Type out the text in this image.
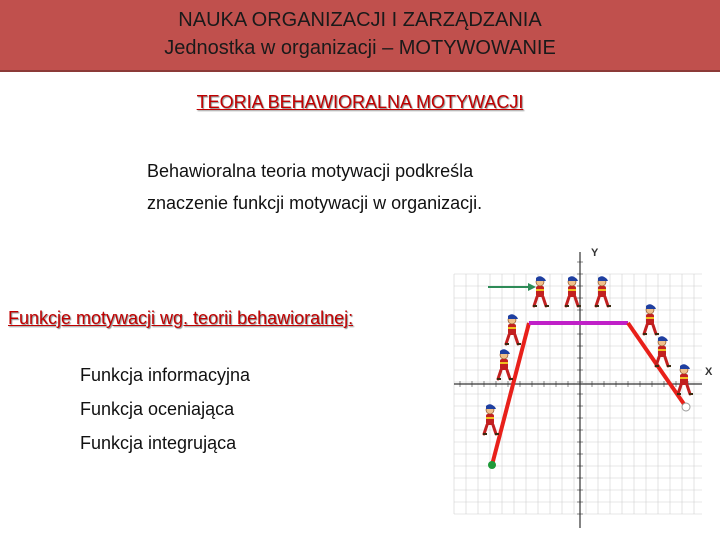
NAUKA ORGANIZACJI I ZARZĄDZANIA
Jednostka w organizacji – MOTYWOWANIE
TEORIA BEHAWIORALNA MOTYWACJI
Behawioralna teoria motywacji podkreśla
znaczenie funkcji motywacji w organizacji.
Funkcje motywacji wg. teorii behawioralnej:
Funkcja informacyjna
Funkcja oceniająca
Funkcja integrująca
Y
X
